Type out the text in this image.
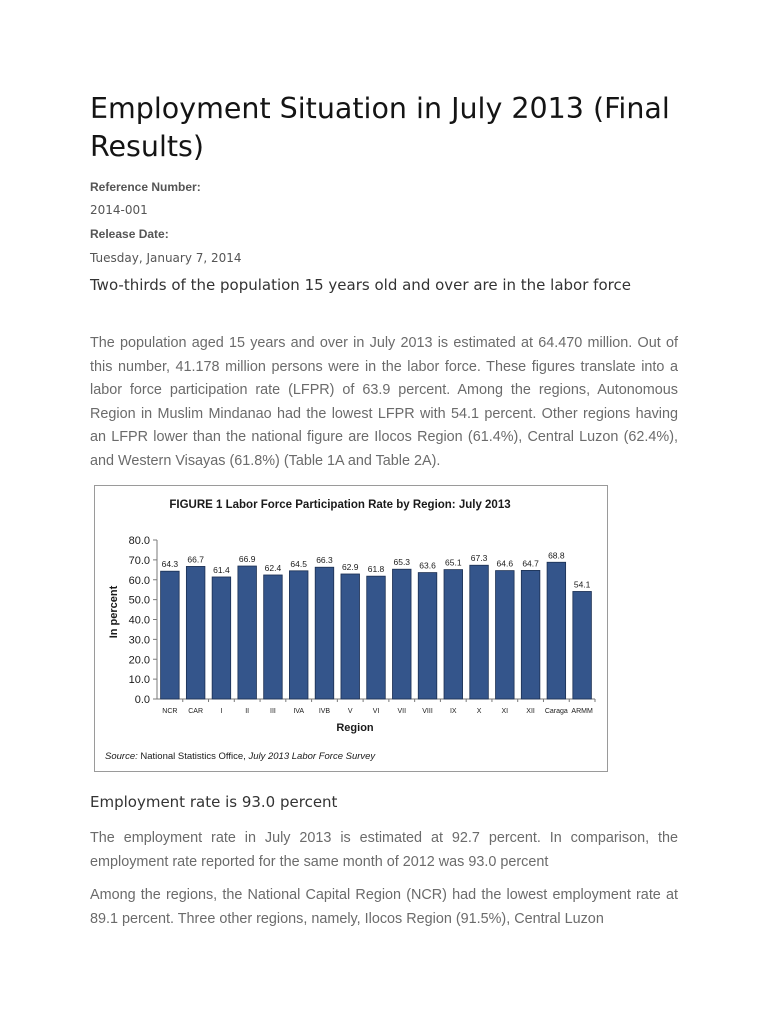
Employment Situation in July 2013 (Final Results)
Reference Number:
2014-001
Release Date:
Tuesday, January 7, 2014
Two-thirds of the population 15 years old and over are in the labor force

The population aged 15 years and over in July 2013 is estimated at 64.470 million. Out of this number, 41.178 million persons were in the labor force. These figures translate into a labor force participation rate (LFPR) of 63.9 percent. Among the regions, Autonomous Region in Muslim Mindanao had the lowest LFPR with 54.1 percent. Other regions having an LFPR lower than the national figure are Ilocos Region (61.4%), Central Luzon (62.4%), and Western Visayas (61.8%) (Table 1A and Table 2A).

FIGURE 1 Labor Force Participation Rate by Region: July 2013
In percent
Region
Source: National Statistics Office, July 2013 Labor Force Survey
0.0
10.0
20.0
30.0
40.0
50.0
60.0
70.0
80.0
64.3
NCR
66.7
CAR
61.4
I
66.9
II
62.4
III
64.5
IVA
66.3
IVB
62.9
V
61.8
VI
65.3
VII
63.6
VIII
65.1
IX
67.3
X
64.6
XI
64.7
XII
68.8
Caraga
54.1
ARMM
Employment rate is 93.0 percent

The employment rate in July 2013 is estimated at 92.7 percent. In comparison, the employment rate reported for the same month of 2012 was 93.0 percent

Among the regions, the National Capital Region (NCR) had the lowest employment rate at 89.1 percent. Three other regions, namely, Ilocos Region (91.5%), Central Luzon
